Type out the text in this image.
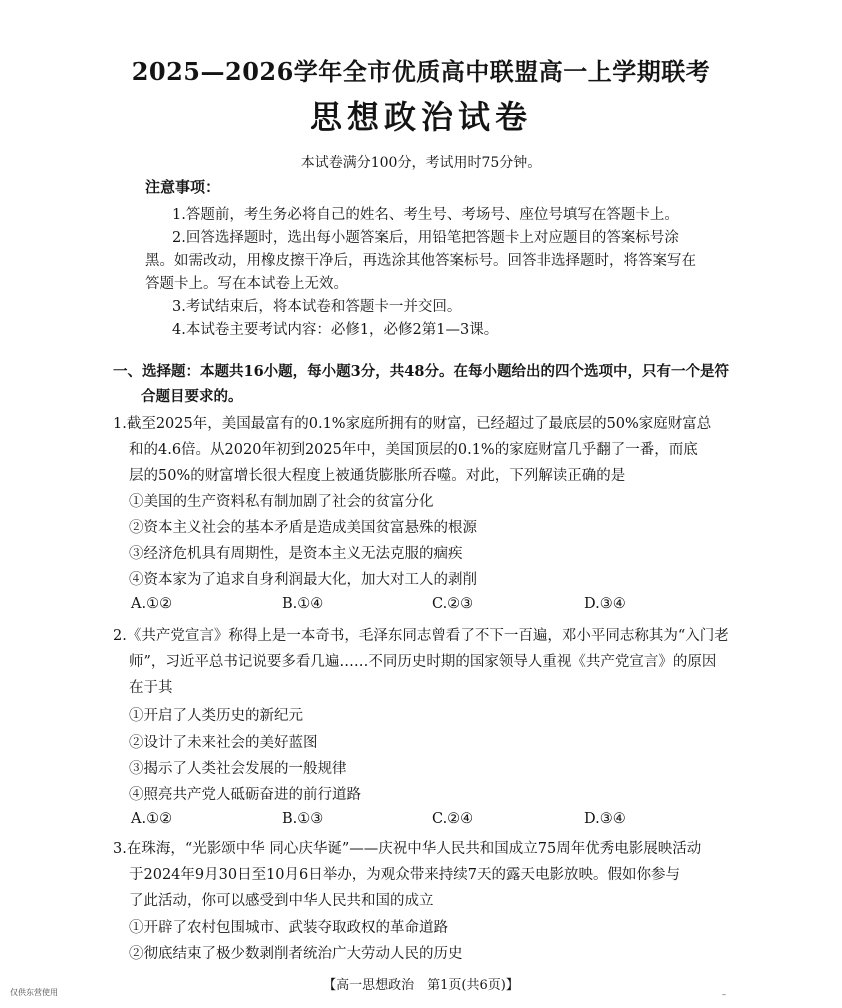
2025—2026学年全市优质高中联盟高一上学期联考
思想政治试卷
本试卷满分100分，考试用时75分钟。
注意事项：
1.答题前，考生务必将自己的姓名、考生号、考场号、座位号填写在答题卡上。
2.回答选择题时，选出每小题答案后，用铅笔把答题卡上对应题目的答案标号涂
黑。如需改动，用橡皮擦干净后，再选涂其他答案标号。回答非选择题时，将答案写在
答题卡上。写在本试卷上无效。
3.考试结束后，将本试卷和答题卡一并交回。
4.本试卷主要考试内容：必修1，必修2第1—3课。
一、选择题：本题共16小题，每小题3分，共48分。在每小题给出的四个选项中，只有一个是符
合题目要求的。
1.截至2025年，美国最富有的0.1%家庭所拥有的财富，已经超过了最底层的50%家庭财富总
和的4.6倍。从2020年初到2025年中，美国顶层的0.1%的家庭财富几乎翻了一番，而底
层的50%的财富增长很大程度上被通货膨胀所吞噬。对此，下列解读正确的是
①美国的生产资料私有制加剧了社会的贫富分化
②资本主义社会的基本矛盾是造成美国贫富悬殊的根源
③经济危机具有周期性，是资本主义无法克服的痼疾
④资本家为了追求自身利润最大化，加大对工人的剥削
A.①②	B.①④	C.②③	D.③④
2.《共产党宣言》称得上是一本奇书，毛泽东同志曾看了不下一百遍，邓小平同志称其为“入门老
师”，习近平总书记说要多看几遍……不同历史时期的国家领导人重视《共产党宣言》的原因
在于其
①开启了人类历史的新纪元
②设计了未来社会的美好蓝图
③揭示了人类社会发展的一般规律
④照亮共产党人砥砺奋进的前行道路
A.①②	B.①③	C.②④	D.③④
3.在珠海，“光影颂中华 同心庆华诞”——庆祝中华人民共和国成立75周年优秀电影展映活动
于2024年9月30日至10月6日举办，为观众带来持续7天的露天电影放映。假如你参与
了此活动，你可以感受到中华人民共和国的成立
①开辟了农村包围城市、武装夺取政权的革命道路
②彻底结束了极少数剥削者统治广大劳动人民的历史
【高一思想政治　第1页(共6页)】
仅供东营使用	–
